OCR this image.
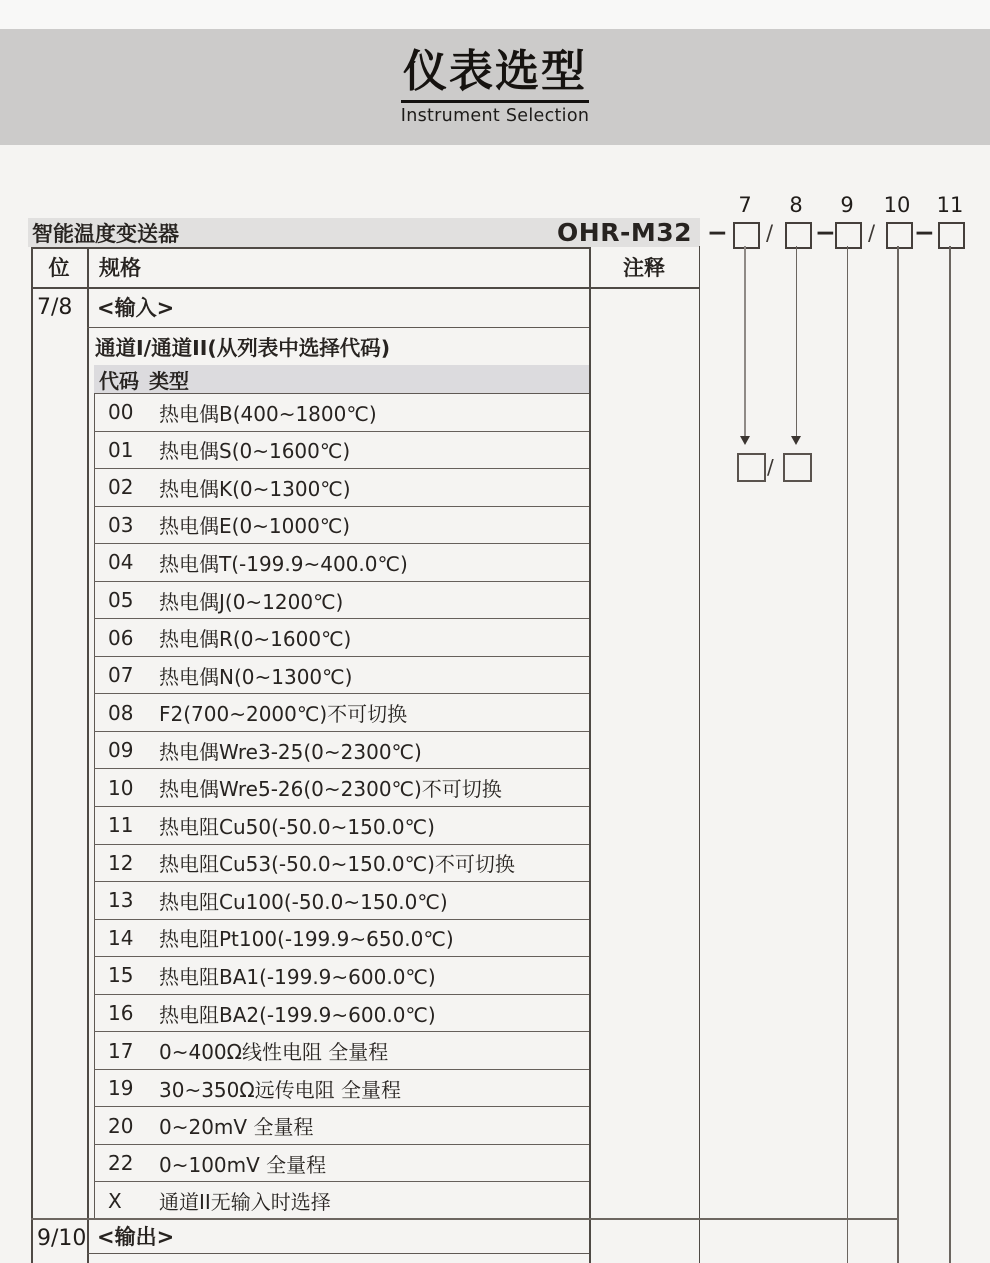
仪表选型
Instrument Selection
智能温度变送器	OHR-M32
7	8	9	10	11
− / − / −
/
位	规格	注释
7/8 <输入>
通道I/通道II(从列表中选择代码)
代码 类型
00 热电偶B(400~1800℃)
01 热电偶S(0~1600℃)
02 热电偶K(0~1300℃)
03 热电偶E(0~1000℃)
04 热电偶T(-199.9~400.0℃)
05 热电偶J(0~1200℃)
06 热电偶R(0~1600℃)
07 热电偶N(0~1300℃)
08 F2(700~2000℃)不可切换
09 热电偶Wre3-25(0~2300℃)
10 热电偶Wre5-26(0~2300℃)不可切换
11 热电阻Cu50(-50.0~150.0℃)
12 热电阻Cu53(-50.0~150.0℃)不可切换
13 热电阻Cu100(-50.0~150.0℃)
14 热电阻Pt100(-199.9~650.0℃)
15 热电阻BA1(-199.9~600.0℃)
16 热电阻BA2(-199.9~600.0℃)
17 0~400Ω线性电阻 全量程
19 30~350Ω远传电阻 全量程
20 0~20mV 全量程
22 0~100mV 全量程
X 通道II无输入时选择
9/10 <输出>
